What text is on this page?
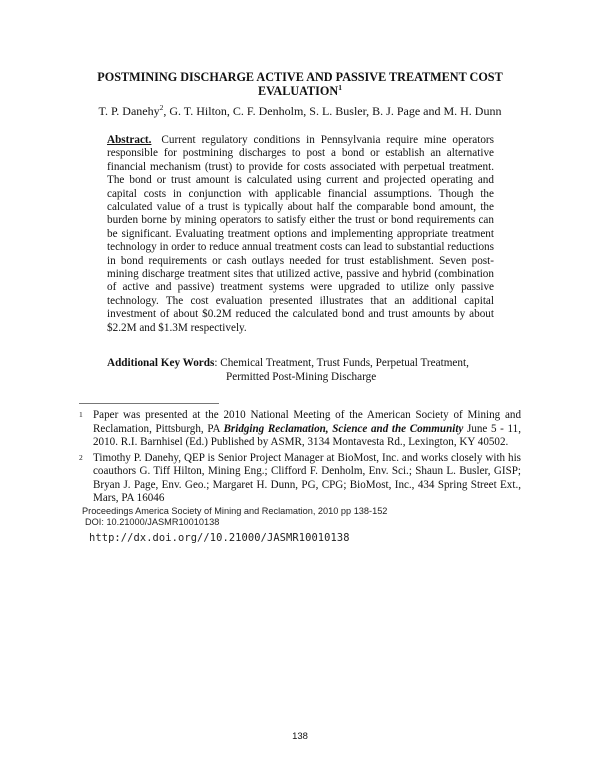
POSTMINING DISCHARGE ACTIVE AND PASSIVE TREATMENT COST EVALUATION$^1$
T. P. Danehy$^2$, G. T. Hilton, C. F. Denholm, S. L. Busler, B. J. Page and M. H. Dunn
Abstract. Current regulatory conditions in Pennsylvania require mine operators responsible for postmining discharges to post a bond or establish an alternative financial mechanism (trust) to provide for costs associated with perpetual treatment. The bond or trust amount is calculated using current and projected operating and capital costs in conjunction with applicable financial assumptions. Though the calculated value of a trust is typically about half the comparable bond amount, the burden borne by mining operators to satisfy either the trust or bond requirements can be significant. Evaluating treatment options and implementing appropriate treatment technology in order to reduce annual treatment costs can lead to substantial reductions in bond requirements or cash outlays needed for trust establishment. Seven post-mining discharge treatment sites that utilized active, passive and hybrid (combination of active and passive) treatment systems were upgraded to utilize only passive technology. The cost evaluation presented illustrates that an additional capital investment of about $0.2M reduced the calculated bond and trust amounts by about $2.2M and $1.3M respectively.
Additional Key Words : Chemical Treatment, Trust Funds, Perpetual Treatment,
Permitted Post-Mining Discharge
1 Paper was presented at the 2010 National Meeting of the American Society of Mining and Reclamation, Pittsburgh, PA Bridging Reclamation, Science and the Community June 5 - 11, 2010. R.I. Barnhisel (Ed.) Published by ASMR, 3134 Montavesta Rd., Lexington, KY 40502.
2 Timothy P. Danehy, QEP is Senior Project Manager at BioMost, Inc. and works closely with his coauthors G. Tiff Hilton, Mining Eng.; Clifford F. Denholm, Env. Sci.; Shaun L. Busler, GISP; Bryan J. Page, Env. Geo.; Margaret H. Dunn, PG, CPG; BioMost, Inc., 434 Spring Street Ext., Mars, PA 16046
Proceedings America Society of Mining and Reclamation, 2010 pp 138-152
DOI: 10.21000/JASMR10010138
http://dx.doi.org//10.21000/JASMR10010138
138
